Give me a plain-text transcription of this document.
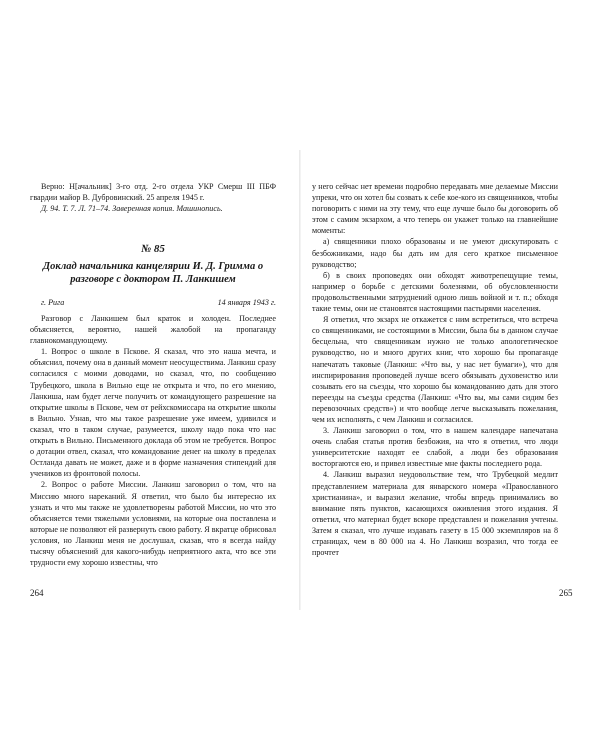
Верно: Н[ачальник] 3-го отд. 2-го отдела УКР Смерш III ПБФ гвардии майор В. Дубровинский. 25 апреля 1945 г.

Д. 94. Т. 7. Л. 71–74. Заверенная копия. Машинопись.

№ 85
Доклад начальника канцелярии И. Д. Гримма о разговоре с доктором П. Ланкишем
г. Рига	14 января 1943 г.

Разговор с Ланкишем был краток и холоден. Последнее объясняется, вероятно, нашей жалобой на пропаганду главнокомандующему.

1. Вопрос о школе в Пскове. Я сказал, что это наша мечта, и объяснил, почему она в данный момент неосуществима. Ланкиш сразу согласился с моими доводами, но сказал, что, по сообщению Трубецкого, школа в Вильно еще не открыта и что, по его мнению, Ланкиша, нам будет легче получить от командующего разрешение на открытие школы в Пскове, чем от рейхскомиссара на открытие школы в Вильно. Узнав, что мы такое разрешение уже имеем, удивился и сказал, что в таком случае, разумеется, школу надо пока что нас открыть в Вильно. Письменного доклада об этом не требуется. Вопрос о дотации отвел, сказал, что командование денег на школу в пределах Остланда давать не может, даже и в форме назначения стипендий для учеников из фронтовой полосы.

2. Вопрос о работе Миссии. Ланкиш заговорил о том, что на Миссию много нареканий. Я ответил, что было бы интересно их узнать и что мы также не удовлетворены работой Миссии, но что это объясняется теми тяжелыми условиями, на которые она поставлена и которые не позволяют ей развернуть свою работу. Я вкратце обрисовал условия, но Ланкиш меня не дослушал, сказав, что я всегда найду тысячу объяснений для какого-нибудь неприятного акта, что все эти трудности ему хорошо известны, что

264

у него сейчас нет времени подробно передавать мне делаемые Миссии упреки, что он хотел бы созвать к себе кое-кого из священников, чтобы поговорить с ними на эту тему, что еще лучше было бы договорить об этом с самим экзархом, а что теперь он укажет только на главнейшие моменты:

а) священники плохо образованы и не умеют дискутировать с безбожниками, надо бы дать им для сего краткое письменное руководство;

б) в своих проповедях они обходят животрепещущие темы, например о борьбе с детскими болезнями, об обусловленности продовольственными затруднений одною лишь войной и т. п.; обходя такие темы, они не становятся настоящими пастырями населения.

Я ответил, что экзарх не откажется с ним встретиться, что встреча со священниками, не состоящими в Миссии, была бы в данном случае бесцельна, что священникам нужно не только апологетическое руководство, но и много других книг, что хорошо бы пропаганде напечатать таковые (Ланкиш: «Что вы, у нас нет бумаги»), что для инспирирования проповедей лучше всего обязывать духовенство или созывать его на съезды, что хорошо бы командованию дать для этого переезды на съезды средства (Ланкиш: «Что вы, мы сами сидим без перевозочных средств») и что вообще легче высказывать пожелания, чем их исполнять, с чем Ланкиш и согласился.

3. Ланкиш заговорил о том, что в нашем календаре напечатана очень слабая статья против безбожия, на что я ответил, что люди университетские находят ее слабой, а люди без образования восторгаются ею, и привел известные мне факты последнего рода.

4. Ланкиш выразил неудовольствие тем, что Трубецкой медлит представлением материала для январского номера «Православного христианина», и выразил желание, чтобы впредь принимались во внимание пять пунктов, касающихся оживления этого издания. Я ответил, что материал будет вскоре представлен и пожелания учтены. Затем я сказал, что лучше издавать газету в 15 000 экземпляров на 8 страницах, чем в 80 000 на 4. Но Ланкиш возразил, что тогда ее прочтет

265
